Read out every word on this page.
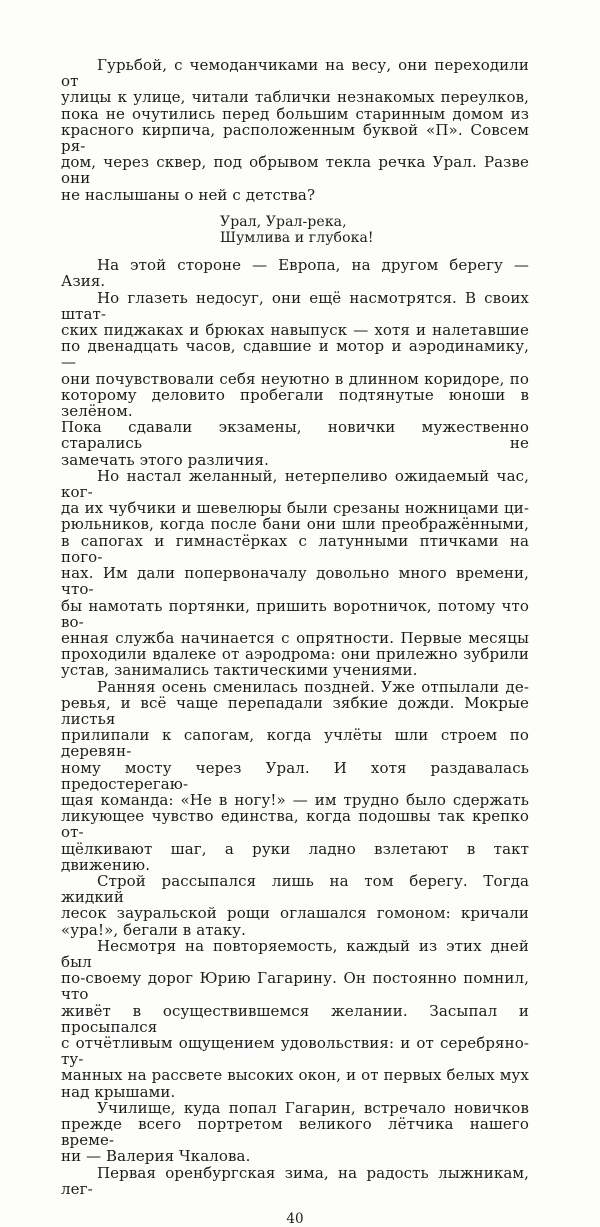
Гурьбой, с чемоданчиками на весу, они переходили от
улицы к улице, читали таблички незнакомых переулков,
пока не очутились перед большим старинным домом из
красного кирпича, расположенным буквой «П». Совсем ря-
дом, через сквер, под обрывом текла речка Урал. Разве они
не наслышаны о ней с детства?
Урал, Урал-река,
Шумлива и глубока!
На этой стороне — Европа, на другом берегу — Азия.
Но глазеть недосуг, они ещё насмотрятся. В своих штат-
ских пиджаках и брюках навыпуск — хотя и налетавшие
по двенадцать часов, сдавшие и мотор и аэродинамику, —
они почувствовали себя неуютно в длинном коридоре, по
которому деловито пробегали подтянутые юноши в зелёном.
Пока сдавали экзамены, новички мужественно старались не
замечать этого различия.
Но настал желанный, нетерпеливо ожидаемый час, ког-
да их чубчики и шевелюры были срезаны ножницами ци-
рюльников, когда после бани они шли преображёнными,
в сапогах и гимнастёрках с латунными птичками на пого-
нах. Им дали попервоначалу довольно много времени, что-
бы намотать портянки, пришить воротничок, потому что во-
енная служба начинается с опрятности. Первые месяцы
проходили вдалеке от аэродрома: они прилежно зубрили
устав, занимались тактическими учениями.
Ранняя осень сменилась поздней. Уже отпылали де-
ревья, и всё чаще перепадали зябкие дожди. Мокрые листья
прилипали к сапогам, когда учлёты шли строем по деревян-
ному мосту через Урал. И хотя раздавалась предостерегаю-
щая команда: «Не в ногу!» — им трудно было сдержать
ликующее чувство единства, когда подошвы так крепко от-
щёлкивают шаг, а руки ладно взлетают в такт движению.
Строй рассыпался лишь на том берегу. Тогда жидкий
лесок зауральской рощи оглашался гомоном: кричали
«ура!», бегали в атаку.
Несмотря на повторяемость, каждый из этих дней был
по-своему дорог Юрию Гагарину. Он постоянно помнил, что
живёт в осуществившемся желании. Засыпал и просыпался
с отчётливым ощущением удовольствия: и от серебряно-ту-
манных на рассвете высоких окон, и от первых белых мух
над крышами.
Училище, куда попал Гагарин, встречало новичков
прежде всего портретом великого лётчика нашего време-
ни — Валерия Чкалова.
Первая оренбургская зима, на радость лыжникам, лег-
40
